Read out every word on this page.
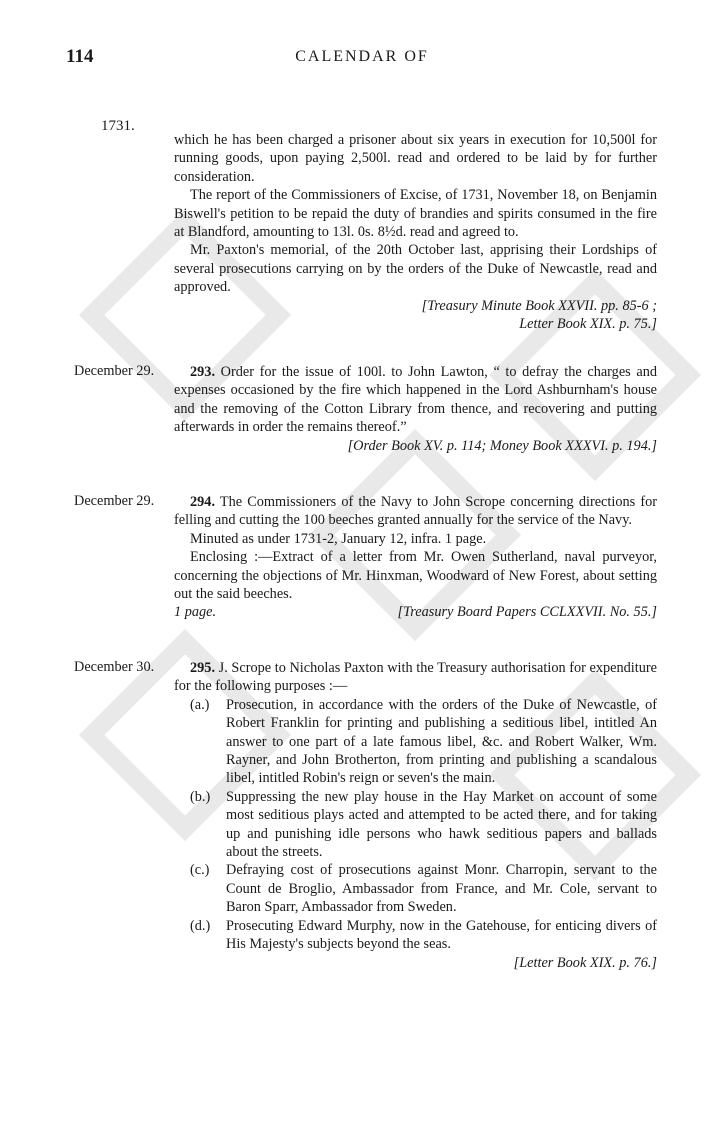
114	CALENDAR OF
1731.

which he has been charged a prisoner about six years in execution for 10,500l for running goods, upon paying 2,500l. read and ordered to be laid by for further consideration.

The report of the Commissioners of Excise, of 1731, November 18, on Benjamin Biswell's petition to be repaid the duty of brandies and spirits consumed in the fire at Blandford, amounting to 13l. 0s. 8½d. read and agreed to.

Mr. Paxton's memorial, of the 20th October last, apprising their Lordships of several prosecutions carrying on by the orders of the Duke of Newcastle, read and approved.

[Treasury Minute Book XXVII. pp. 85-6 ;

Letter Book XIX. p. 75.]

December 29.	293. Order for the issue of 100l. to John Lawton, “ to defray the charges and expenses occasioned by the fire which happened in the Lord Ashburnham's house and the removing of the Cotton Library from thence, and recovering and putting afterwards in order the remains thereof.”

[Order Book XV. p. 114; Money Book XXXVI. p. 194.]

December 29.	294. The Commissioners of the Navy to John Scrope concerning directions for felling and cutting the 100 beeches granted annually for the service of the Navy.

Minuted as under 1731-2, January 12, infra. 1 page.

Enclosing :—Extract of a letter from Mr. Owen Sutherland, naval purveyor, concerning the objections of Mr. Hinxman, Woodward of New Forest, about setting out the said beeches.

1 page.	[Treasury Board Papers CCLXXVII. No. 55.]

December 30.	295. J. Scrope to Nicholas Paxton with the Treasury authorisation for expenditure for the following purposes :—

(a.)	Prosecution, in accordance with the orders of the Duke of Newcastle, of Robert Franklin for printing and publishing a seditious libel, intitled An answer to one part of a late famous libel, &c. and Robert Walker, Wm. Rayner, and John Brotherton, from printing and publishing a scandalous libel, intitled Robin's reign or seven's the main.
(b.)	Suppressing the new play house in the Hay Market on account of some most seditious plays acted and attempted to be acted there, and for taking up and punishing idle persons who hawk seditious papers and ballads about the streets.
(c.)	Defraying cost of prosecutions against Monr. Charropin, servant to the Count de Broglio, Ambassador from France, and Mr. Cole, servant to Baron Sparr, Ambassador from Sweden.
(d.)	Prosecuting Edward Murphy, now in the Gatehouse, for enticing divers of His Majesty's subjects beyond the seas.

[Letter Book XIX. p. 76.]
